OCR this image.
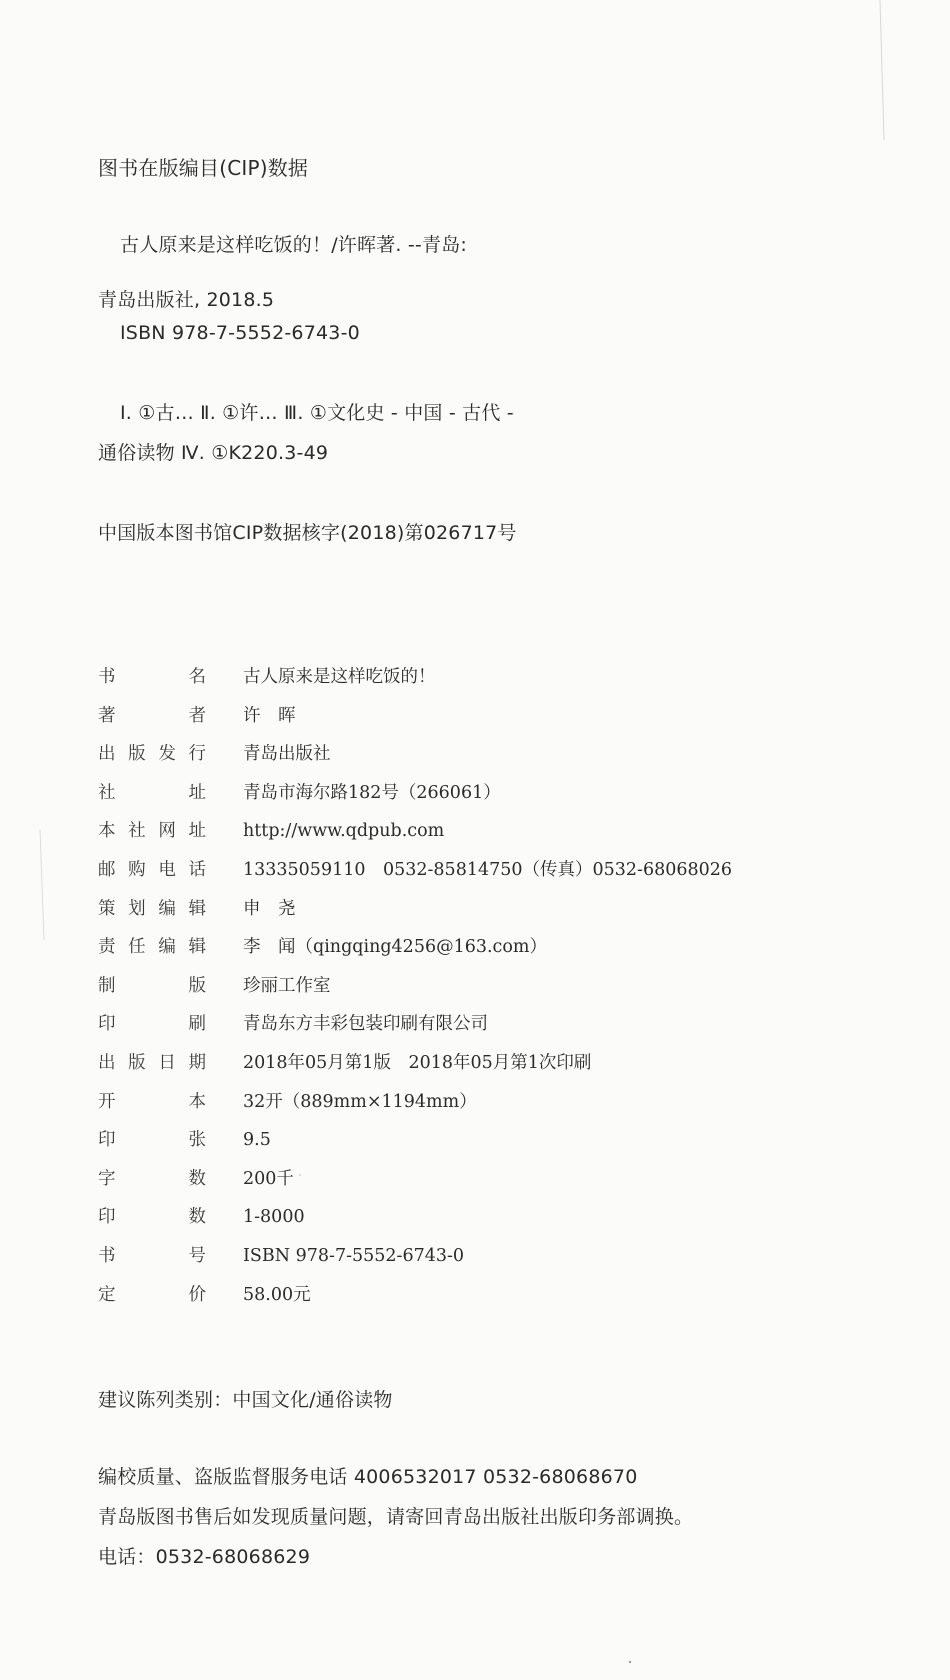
图书在版编目(CIP)数据
古人原来是这样吃饭的！/许晖著. --青岛:
青岛出版社, 2018.5
ISBN 978-7-5552-6743-0
Ⅰ. ①古… Ⅱ. ①许… Ⅲ. ①文化史 - 中国 - 古代 -
通俗读物 Ⅳ. ①K220.3-49
中国版本图书馆CIP数据核字(2018)第026717号
书	名 古人原来是这样吃饭的！
著	者 许　晖
出 版 发 行 青岛出版社
社	址 青岛市海尔路182号（266061）
本 社 网 址 http://www.qdpub.com
邮 购 电 话 13335059110　0532-85814750（传真）0532-68068026
策 划 编 辑 申　尧
责 任 编 辑 李　闻（qingqing4256@163.com）
制	版 珍丽工作室
印	刷 青岛东方丰彩包装印刷有限公司
出 版 日 期 2018年05月第1版　2018年05月第1次印刷
开	本 32开（889mm×1194mm）
印	张 9.5
字	数 200千
印	数 1-8000
书	号 ISBN 978-7-5552-6743-0
定	价 58.00元
建议陈列类别：中国文化/通俗读物
编校质量、盗版监督服务电话 4006532017 0532-68068670
青岛版图书售后如发现质量问题，请寄回青岛出版社出版印务部调换。
电话：0532-68068629
